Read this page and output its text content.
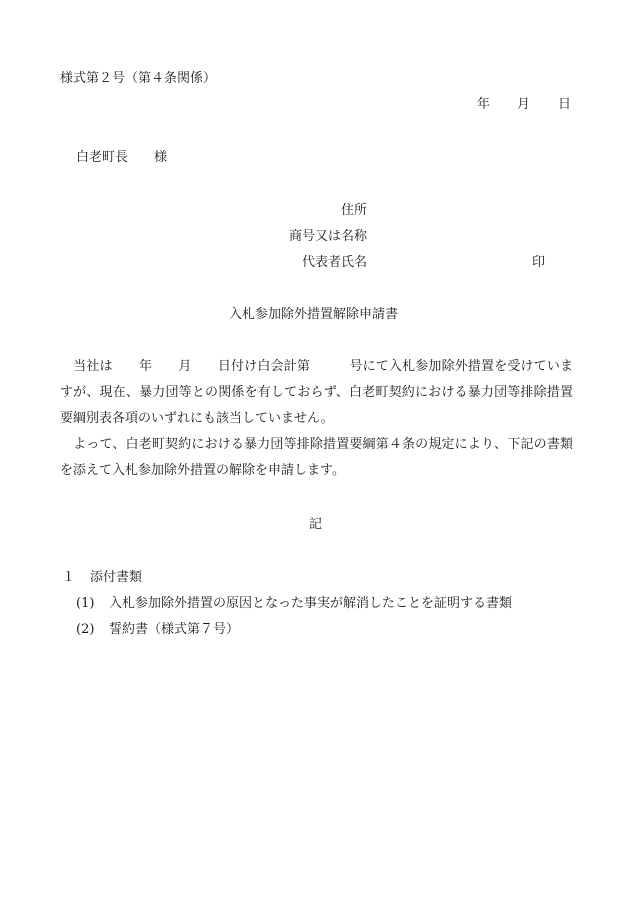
様式第２号（第４条関係）
年 月 日
白老町長　　様
住所
商号又は名称
代表者氏名	印
入札参加除外措置解除申請書
　当社は　　年　　月　　日付け白会計第　　　号にて入札参加除外措置を受けていますが、現在、暴力団等との関係を有しておらず、白老町契約における暴力団等排除措置要綱別表各項のいずれにも該当していません。
　よって、白老町契約における暴力団等排除措置要綱第４条の規定により、下記の書類を添えて入札参加除外措置の解除を申請します。
記
１ 添付書類
(1) 入札参加除外措置の原因となった事実が解消したことを証明する書類
(2) 誓約書（様式第７号）
